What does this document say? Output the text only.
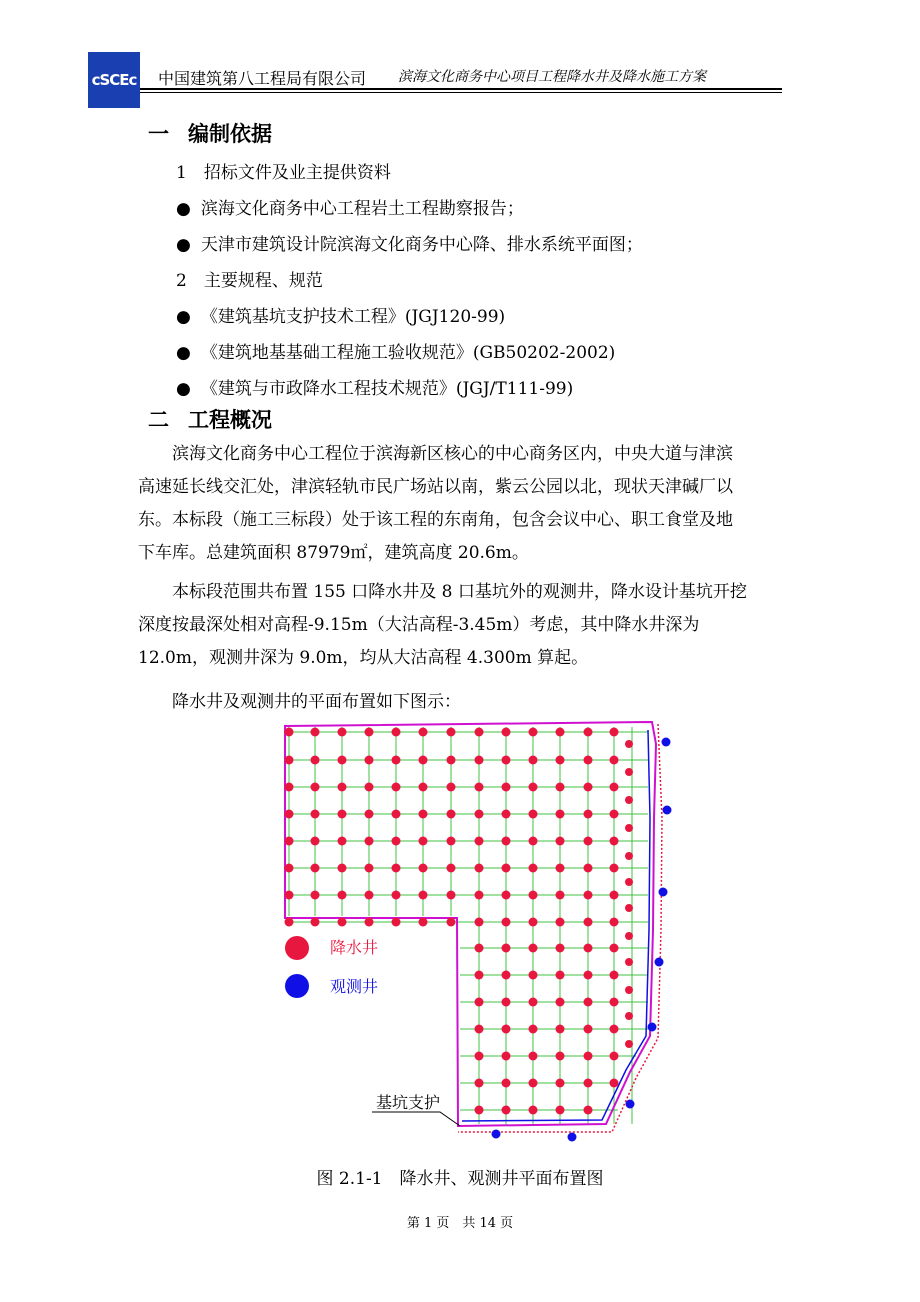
cSCEc 中国建筑第八工程局有限公司 滨海文化商务中心项目工程降水井及降水施工方案
一 编制依据
1　招标文件及业主提供资料
● 滨海文化商务中心工程岩土工程勘察报告；
● 天津市建筑设计院滨海文化商务中心降、排水系统平面图；
2　主要规程、规范
● 《建筑基坑支护技术工程》(JGJ120-99)
● 《建筑地基基础工程施工验收规范》(GB50202-2002)
● 《建筑与市政降水工程技术规范》(JGJ/T111-99)
二 工程概况
滨海文化商务中心工程位于滨海新区核心的中心商务区内，中央大道与津滨
高速延长线交汇处，津滨轻轨市民广场站以南，紫云公园以北，现状天津碱厂以
东。本标段（施工三标段）处于该工程的东南角，包含会议中心、职工食堂及地
下车库。总建筑面积 87979㎡，建筑高度 20.6m。
本标段范围共布置 155 口降水井及 8 口基坑外的观测井，降水设计基坑开挖
深度按最深处相对高程-9.15m（大沽高程-3.45m）考虑，其中降水井深为
12.0m，观测井深为 9.0m，均从大沽高程 4.300m 算起。
降水井及观测井的平面布置如下图示：
降水井
观测井
基坑支护
图 2.1-1　降水井、观测井平面布置图
第 1 页　共 14 页
